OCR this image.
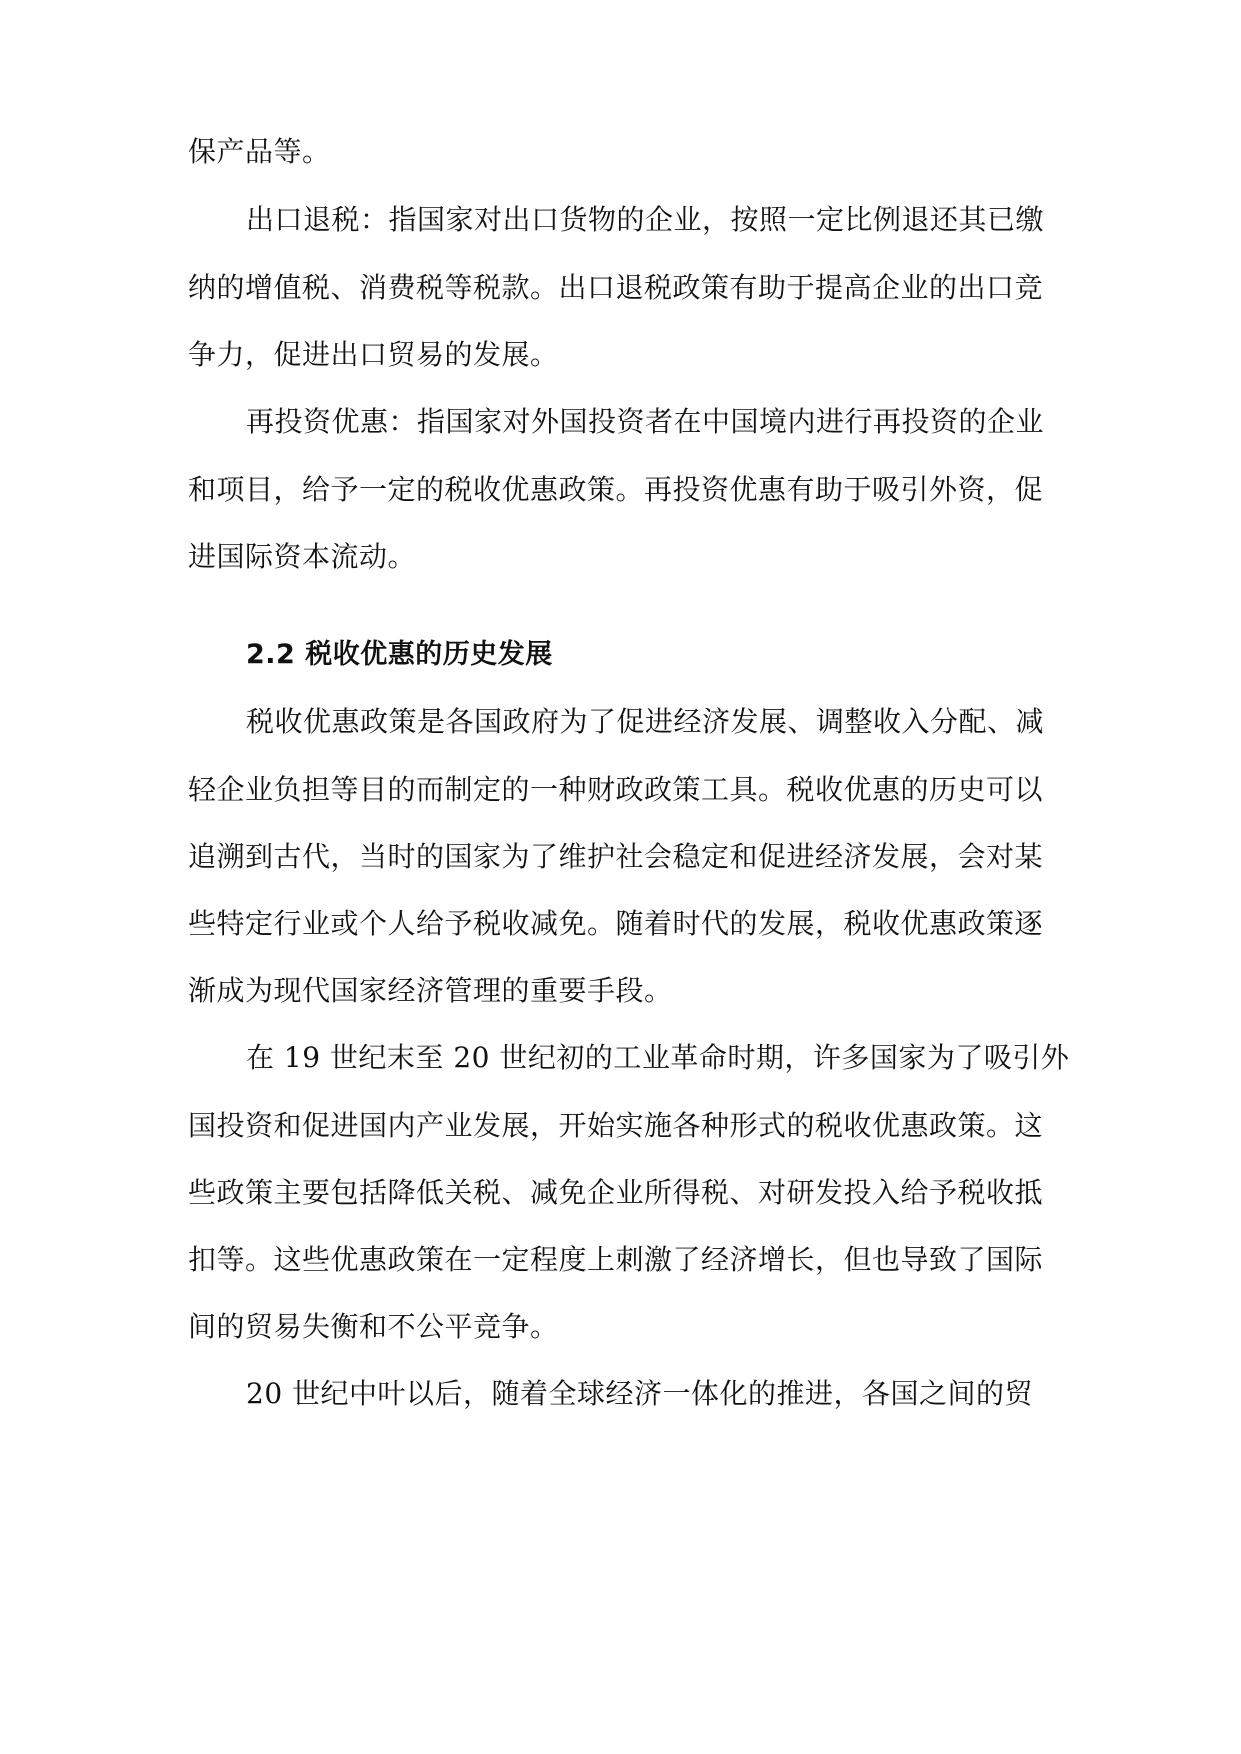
保产品等。
出口退税：指国家对出口货物的企业，按照一定比例退还其已缴
纳的增值税、消费税等税款。出口退税政策有助于提高企业的出口竞
争力，促进出口贸易的发展。
再投资优惠：指国家对外国投资者在中国境内进行再投资的企业
和项目，给予一定的税收优惠政策。再投资优惠有助于吸引外资，促
进国际资本流动。
2.2 税收优惠的历史发展
税收优惠政策是各国政府为了促进经济发展、调整收入分配、减
轻企业负担等目的而制定的一种财政政策工具。税收优惠的历史可以
追溯到古代，当时的国家为了维护社会稳定和促进经济发展，会对某
些特定行业或个人给予税收减免。随着时代的发展，税收优惠政策逐
渐成为现代国家经济管理的重要手段。
在 19 世纪末至 20 世纪初的工业革命时期，许多国家为了吸引外
国投资和促进国内产业发展，开始实施各种形式的税收优惠政策。这
些政策主要包括降低关税、减免企业所得税、对研发投入给予税收抵
扣等。这些优惠政策在一定程度上刺激了经济增长，但也导致了国际
间的贸易失衡和不公平竞争。
20 世纪中叶以后，随着全球经济一体化的推进，各国之间的贸
